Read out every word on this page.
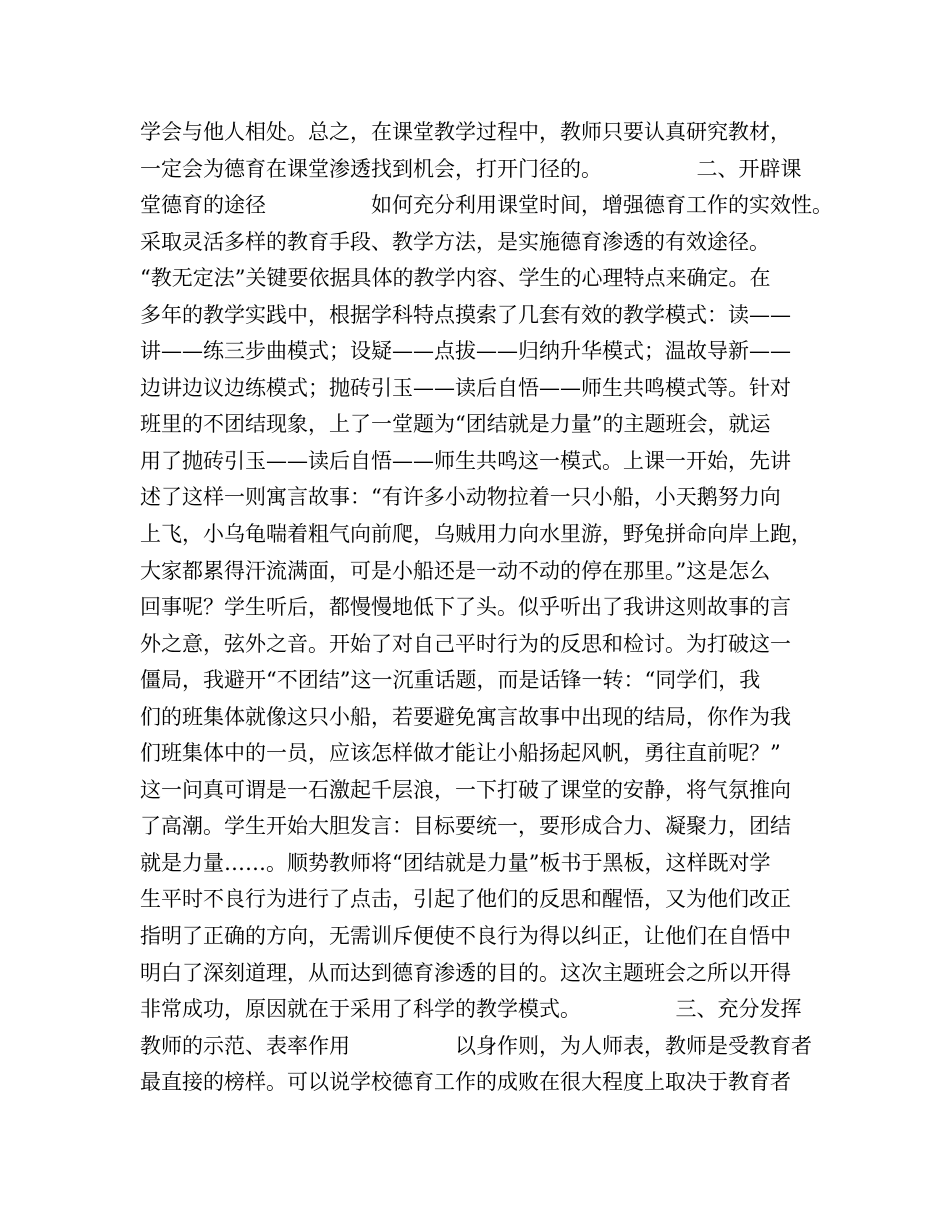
学会与他人相处。总之，在课堂教学过程中，教师只要认真研究教材，
一定会为德育在课堂渗透找到机会，打开门径的。　　　　　二、开辟课
堂德育的途径　　　　　如何充分利用课堂时间，增强德育工作的实效性。
采取灵活多样的教育手段、教学方法，是实施德育渗透的有效途径。
“教无定法”关键要依据具体的教学内容、学生的心理特点来确定。在
多年的教学实践中，根据学科特点摸索了几套有效的教学模式：读——
讲——练三步曲模式；设疑——点拔——归纳升华模式；温故导新——
边讲边议边练模式；抛砖引玉——读后自悟——师生共鸣模式等。针对
班里的不团结现象，上了一堂题为“团结就是力量”的主题班会，就运
用了抛砖引玉——读后自悟——师生共鸣这一模式。上课一开始，先讲
述了这样一则寓言故事：“有许多小动物拉着一只小船，小天鹅努力向
上飞，小乌龟喘着粗气向前爬，乌贼用力向水里游，野兔拼命向岸上跑，
大家都累得汗流满面，可是小船还是一动不动的停在那里。”这是怎么
回事呢？学生听后，都慢慢地低下了头。似乎听出了我讲这则故事的言
外之意，弦外之音。开始了对自己平时行为的反思和检讨。为打破这一
僵局，我避开“不团结”这一沉重话题，而是话锋一转：“同学们，我
们的班集体就像这只小船，若要避免寓言故事中出现的结局，你作为我
们班集体中的一员，应该怎样做才能让小船扬起风帆，勇往直前呢？”
这一问真可谓是一石激起千层浪，一下打破了课堂的安静，将气氛推向
了高潮。学生开始大胆发言：目标要统一，要形成合力、凝聚力，团结
就是力量……。顺势教师将“团结就是力量”板书于黑板，这样既对学
生平时不良行为进行了点击，引起了他们的反思和醒悟，又为他们改正
指明了正确的方向，无需训斥便使不良行为得以纠正，让他们在自悟中
明白了深刻道理，从而达到德育渗透的目的。这次主题班会之所以开得
非常成功，原因就在于采用了科学的教学模式。　　　　　三、充分发挥
教师的示范、表率作用　　　　　以身作则，为人师表，教师是受教育者
最直接的榜样。可以说学校德育工作的成败在很大程度上取决于教育者
